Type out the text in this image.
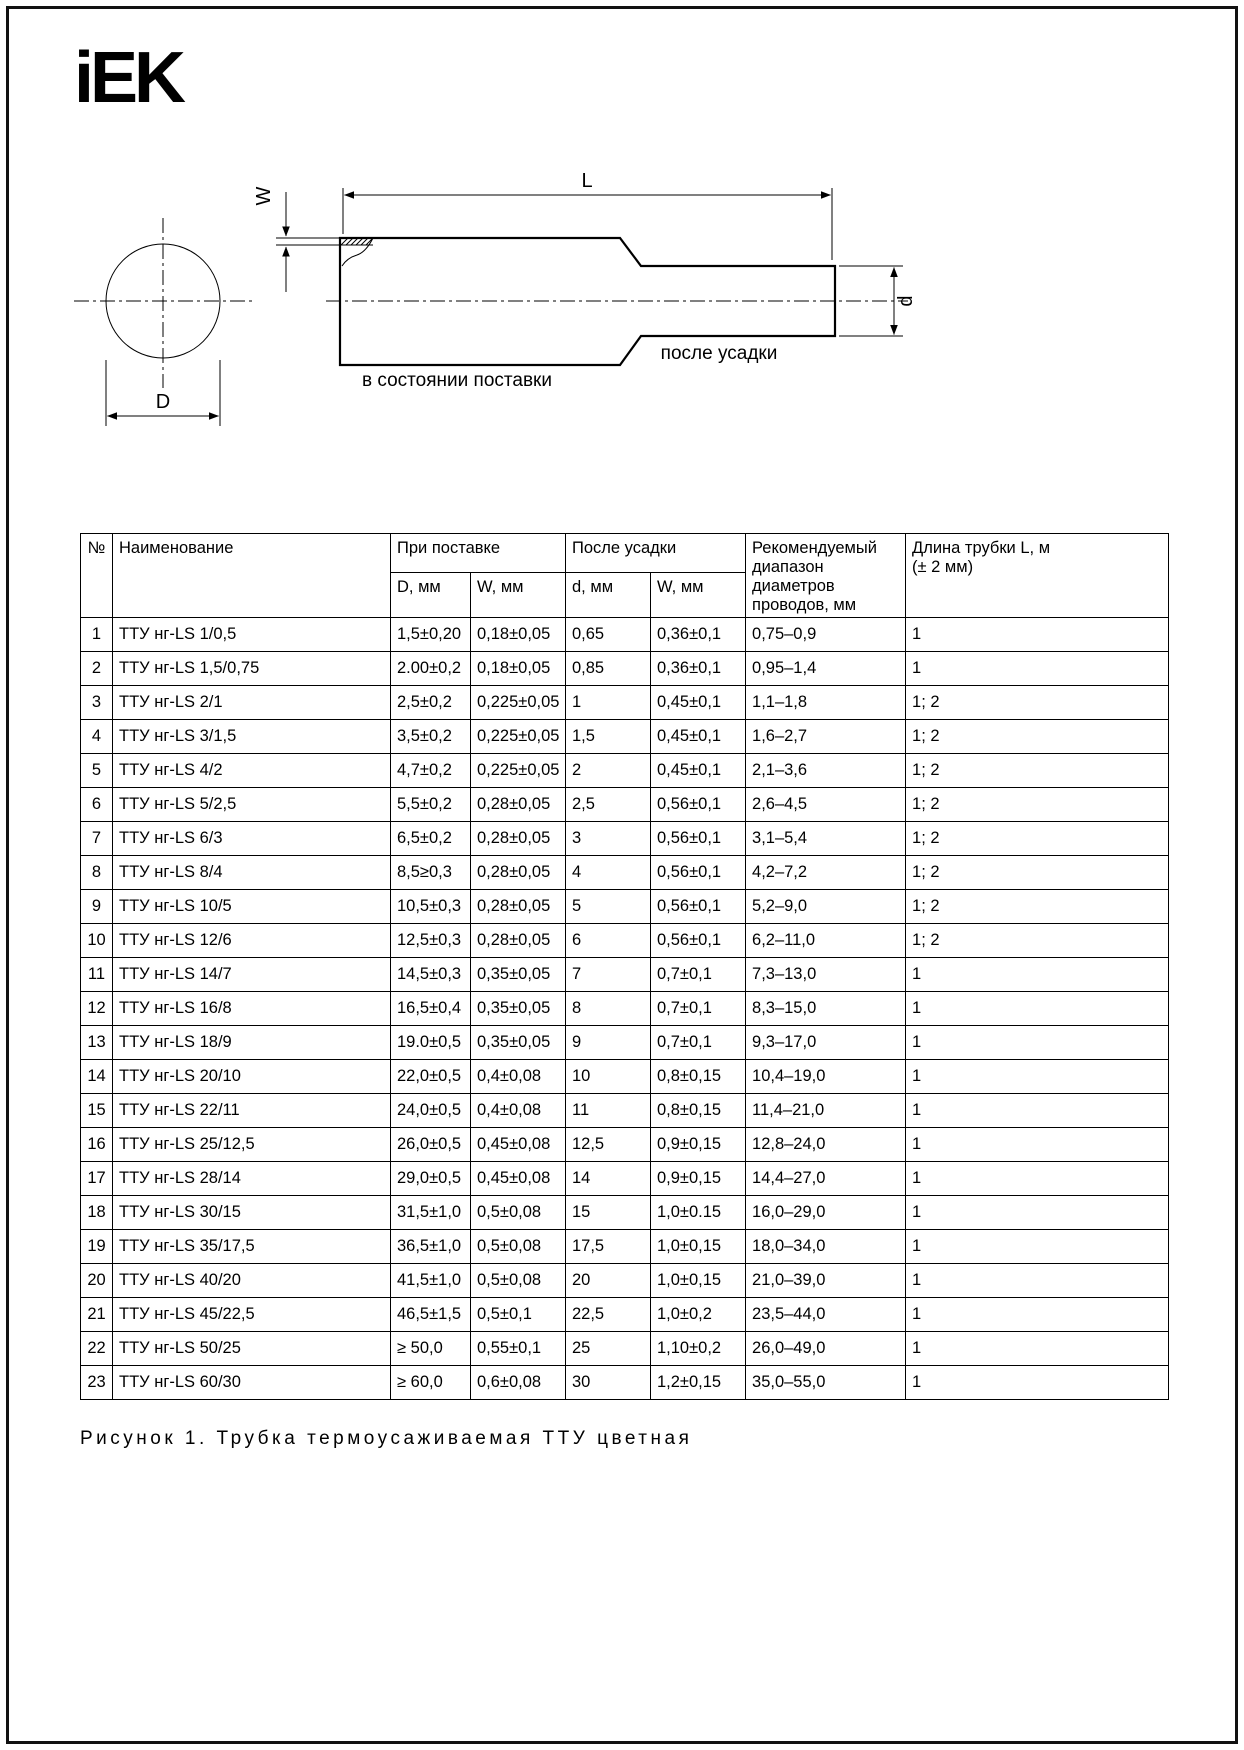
iEK
D
W
L
d
в состоянии поставки
после усадки
№	Наименование	При поставке		После усадки		Рекомендуемый диапазон диаметров проводов, мм	Длина трубки L, м
(± 2 мм)
		D, мм	W, мм	d, мм	W, мм		
1	ТТУ нг-LS 1/0,5	1,5±0,20	0,18±0,05	0,65	0,36±0,1	0,75–0,9	1
2	ТТУ нг-LS 1,5/0,75	2.00±0,2	0,18±0,05	0,85	0,36±0,1	0,95–1,4	1
3	ТТУ нг-LS 2/1	2,5±0,2	0,225±0,05	1	0,45±0,1	1,1–1,8	1; 2
4	ТТУ нг-LS 3/1,5	3,5±0,2	0,225±0,05	1,5	0,45±0,1	1,6–2,7	1; 2
5	ТТУ нг-LS 4/2	4,7±0,2	0,225±0,05	2	0,45±0,1	2,1–3,6	1; 2
6	ТТУ нг-LS 5/2,5	5,5±0,2	0,28±0,05	2,5	0,56±0,1	2,6–4,5	1; 2
7	ТТУ нг-LS 6/3	6,5±0,2	0,28±0,05	3	0,56±0,1	3,1–5,4	1; 2
8	ТТУ нг-LS 8/4	8,5≥0,3	0,28±0,05	4	0,56±0,1	4,2–7,2	1; 2
9	ТТУ нг-LS 10/5	10,5±0,3	0,28±0,05	5	0,56±0,1	5,2–9,0	1; 2
10	ТТУ нг-LS 12/6	12,5±0,3	0,28±0,05	6	0,56±0,1	6,2–11,0	1; 2
11	ТТУ нг-LS 14/7	14,5±0,3	0,35±0,05	7	0,7±0,1	7,3–13,0	1
12	ТТУ нг-LS 16/8	16,5±0,4	0,35±0,05	8	0,7±0,1	8,3–15,0	1
13	ТТУ нг-LS 18/9	19.0±0,5	0,35±0,05	9	0,7±0,1	9,3–17,0	1
14	ТТУ нг-LS 20/10	22,0±0,5	0,4±0,08	10	0,8±0,15	10,4–19,0	1
15	ТТУ нг-LS 22/11	24,0±0,5	0,4±0,08	11	0,8±0,15	11,4–21,0	1
16	ТТУ нг-LS 25/12,5	26,0±0,5	0,45±0,08	12,5	0,9±0,15	12,8–24,0	1
17	ТТУ нг-LS 28/14	29,0±0,5	0,45±0,08	14	0,9±0,15	14,4–27,0	1
18	ТТУ нг-LS 30/15	31,5±1,0	0,5±0,08	15	1,0±0.15	16,0–29,0	1
19	ТТУ нг-LS 35/17,5	36,5±1,0	0,5±0,08	17,5	1,0±0,15	18,0–34,0	1
20	ТТУ нг-LS 40/20	41,5±1,0	0,5±0,08	20	1,0±0,15	21,0–39,0	1
21	ТТУ нг-LS 45/22,5	46,5±1,5	0,5±0,1	22,5	1,0±0,2	23,5–44,0	1
22	ТТУ нг-LS 50/25	≥ 50,0	0,55±0,1	25	1,10±0,2	26,0–49,0	1
23	ТТУ нг-LS 60/30	≥ 60,0	0,6±0,08	30	1,2±0,15	35,0–55,0	1
Рисунок 1. Трубка термоусаживаемая ТТУ цветная
